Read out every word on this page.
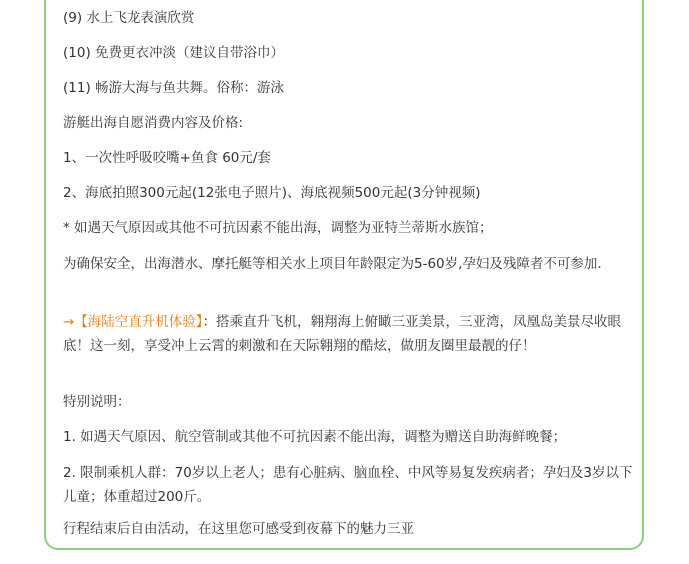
(9) 水上飞龙表演欣赏

(10) 免费更衣冲淡（建议自带浴巾）

(11) 畅游大海与鱼共舞。俗称：游泳

游艇出海自愿消费内容及价格:

1、一次性呼吸咬嘴+鱼食 60元/套

2、海底拍照300元起(12张电子照片)、海底视频500元起(3分钟视频)

* 如遇天气原因或其他不可抗因素不能出海，调整为亚特兰蒂斯水族馆；

为确保安全，出海潜水、摩托艇等相关水上项目年龄限定为5-60岁,孕妇及残障者不可参加.

→【海陆空直升机体验】：搭乘直升飞机，翱翔海上俯瞰三亚美景，三亚湾，凤凰岛美景尽收眼底！这一刻，享受冲上云霄的刺激和在天际翱翔的酷炫，做朋友圈里最靓的仔！

特别说明：

1. 如遇天气原因、航空管制或其他不可抗因素不能出海，调整为赠送自助海鲜晚餐；

2. 限制乘机人群：70岁以上老人；患有心脏病、脑血栓、中风等易复发疾病者；孕妇及3岁以下儿童；体重超过200斤。

行程结束后自由活动，在这里您可感受到夜幕下的魅力三亚
